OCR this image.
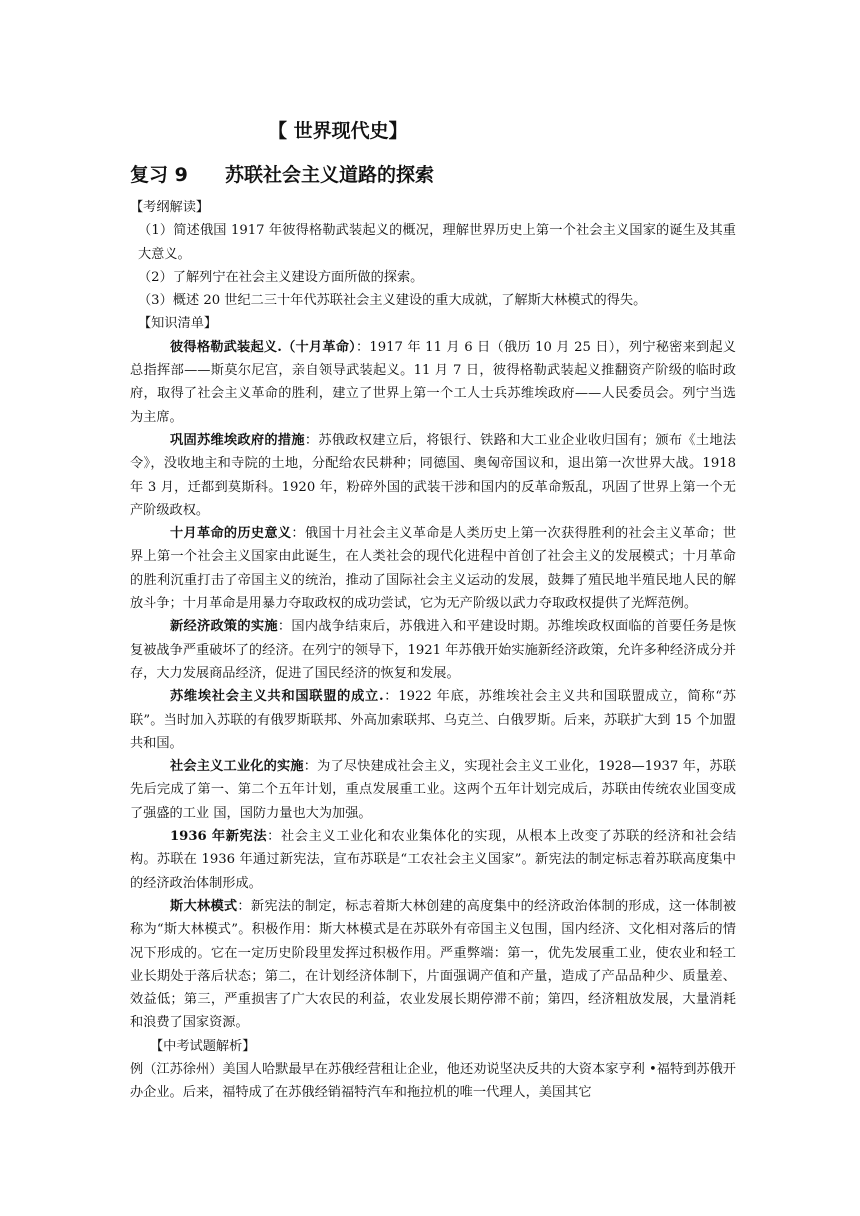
【 世界现代史】
复习 9 苏联社会主义道路的探索

【考纲解读】

（1）简述俄国 1917 年彼得格勒武装起义的概况，理解世界历史上第一个社会主义国家的诞生及其重大意义。

（2）了解列宁在社会主义建设方面所做的探索。

（3）概述 20 世纪二三十年代苏联社会主义建设的重大成就，了解斯大林模式的得失。

【知识清单】

彼得格勒武装起义.（十月革命）：1917 年 11 月 6 日（俄历 10 月 25 日），列宁秘密来到起义总指挥部——斯莫尔尼宫，亲自领导武装起义。11 月 7 日，彼得格勒武装起义推翻资产阶级的临时政府，取得了社会主义革命的胜利，建立了世界上第一个工人士兵苏维埃政府——人民委员会。列宁当选为主席。

巩固苏维埃政府的措施：苏俄政权建立后，将银行、铁路和大工业企业收归国有；颁布《土地法令》，没收地主和寺院的土地，分配给农民耕种；同德国、奥匈帝国议和，退出第一次世界大战。1918 年 3 月，迁都到莫斯科。1920 年，粉碎外国的武装干涉和国内的反革命叛乱，巩固了世界上第一个无产阶级政权。

十月革命的历史意义：俄国十月社会主义革命是人类历史上第一次获得胜利的社会主义革命；世界上第一个社会主义国家由此诞生，在人类社会的现代化进程中首创了社会主义的发展模式；十月革命的胜利沉重打击了帝国主义的统治，推动了国际社会主义运动的发展，鼓舞了殖民地半殖民地人民的解放斗争；十月革命是用暴力夺取政权的成功尝试，它为无产阶级以武力夺取政权提供了光辉范例。

新经济政策的实施：国内战争结束后，苏俄进入和平建设时期。苏维埃政权面临的首要任务是恢复被战争严重破坏了的经济。在列宁的领导下，1921 年苏俄开始实施新经济政策，允许多种经济成分并存，大力发展商品经济，促进了国民经济的恢复和发展。

苏维埃社会主义共和国联盟的成立.：1922 年底，苏维埃社会主义共和国联盟成立，简称“苏联”。当时加入苏联的有俄罗斯联邦、外高加索联邦、乌克兰、白俄罗斯。后来，苏联扩大到 15 个加盟共和国。

社会主义工业化的实施：为了尽快建成社会主义，实现社会主义工业化，1928—1937 年，苏联先后完成了第一、第二个五年计划，重点发展重工业。这两个五年计划完成后，苏联由传统农业国变成了强盛的工业 国，国防力量也大为加强。

1936 年新宪法：社会主义工业化和农业集体化的实现，从根本上改变了苏联的经济和社会结构。苏联在 1936 年通过新宪法，宣布苏联是“工农社会主义国家”。新宪法的制定标志着苏联高度集中的经济政治体制形成。

斯大林模式：新宪法的制定，标志着斯大林创建的高度集中的经济政治体制的形成，这一体制被称为“斯大林模式”。积极作用：斯大林模式是在苏联外有帝国主义包围，国内经济、文化相对落后的情况下形成的。它在一定历史阶段里发挥过积极作用。严重弊端：第一，优先发展重工业，使农业和轻工业长期处于落后状态；第二，在计划经济体制下，片面强调产值和产量，造成了产品品种少、质量差、效益低；第三，严重损害了广大农民的利益，农业发展长期停滞不前；第四，经济粗放发展，大量消耗和浪费了国家资源。

【中考试题解析】

例（江苏徐州）美国人哈默最早在苏俄经营租让企业，他还劝说坚决反共的大资本家亨利 •福特到苏俄开办企业。后来，福特成了在苏俄经销福特汽车和拖拉机的唯一代理人，美国其它
